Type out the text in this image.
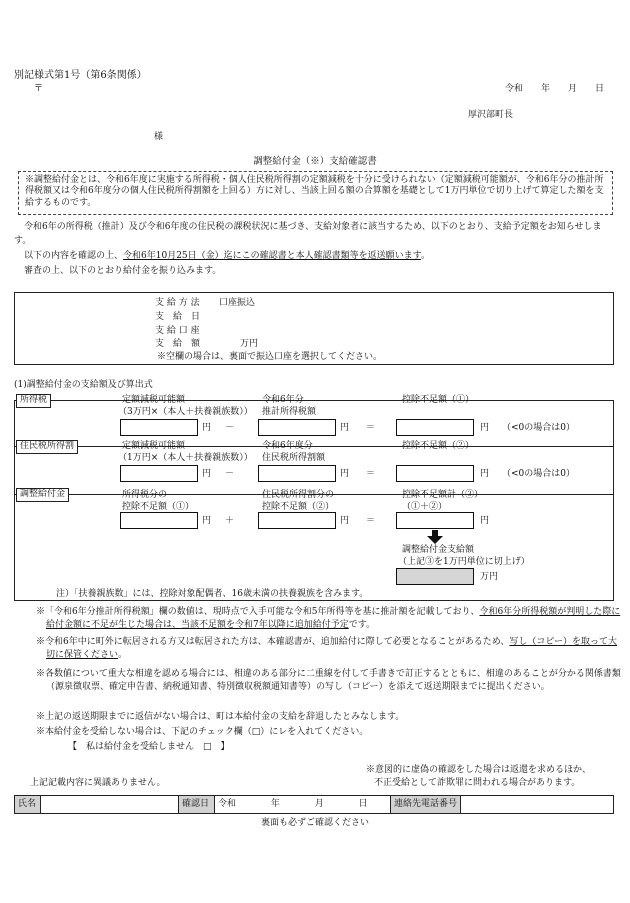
別記様式第1号（第6条関係）
〒	令和　　年　　月　　日
厚沢部町長
様
調整給付金（※）支給確認書
※調整給付金とは、令和6年度に実施する所得税・個人住民税所得割の定額減税を十分に受けられない（定額減税可能額が、令和6年分の推計所得税額又は令和6年度分の個人住民税所得割額を上回る）方に対し、当該上回る額の合算額を基礎として1万円単位で切り上げて算定した額を支給するものです。
令和6年の所得税（推計）及び令和6年度の住民税の課税状況に基づき、支給対象者に該当するため、以下のとおり、支給予定額をお知らせします。
以下の内容を確認の上、令和6年10月25日（金）迄にこの確認書と本人確認書類等を返送願います。
審査の上、以下のとおり給付金を振り込みます。
支 給 方 法 口座振込
支　給　日
支 給 口 座
支　給　額	万円
※空欄の場合は、裏面で振込口座を選択してください。
(1)調整給付金の支給額及び算出式
所得税	定額減税可能額
（3万円×（本人＋扶養親族数））
令和6年分
推計所得税額
控除不足額（①）
円 －	円 ＝	円 （<0の場合は0）
住民税所得割	定額減税可能額
（1万円×（本人＋扶養親族数））
令和6年度分
住民税所得割額
控除不足額（②）
円 －	円 ＝	円 （<0の場合は0）
調整給付金	所得税分の
控除不足額（①）
住民税所得割分の
控除不足額（②）
控除不足額計（③）
（①＋②）
円 ＋	円 ＝	円
調整給付金支給額
（上記③を1万円単位に切上げ）
万円
注）「扶養親族数」には、控除対象配偶者、16歳未満の扶養親族を含みます。
※「令和6年分推計所得税額」欄の数値は、現時点で入手可能な令和5年所得等を基に推計額を記載しており、令和6年分所得税額が判明した際に給付金額に不足が生じた場合は、当該不足額を令和7年以降に追加給付予定です。
※令和6年中に町外に転居される方又は転居された方は、本確認書が、追加給付に際して必要となることがあるため、写し（コピー）を取って大切に保管ください。
※各数値について重大な相違を認める場合には、相違のある部分に二重線を付して手書きで訂正するとともに、相違のあることが分かる関係書類（源泉徴収票、確定申告書、納税通知書、特別徴収税額通知書等）の写し（コピー）を添えて返送期限までに提出ください。
※上記の返送期限までに返信がない場合は、町は本給付金の支給を辞退したとみなします。
※本給付金を受給しない場合は、下記のチェック欄（□）にレを入れてください。
【　私は給付金を受給しません　□　】
※意図的に虚偽の確認をした場合は返還を求めるほか、
不正受給として詐欺罪に問われる場合があります。
上記記載内容に異議ありません。
氏名		確認日	令和	年	月	日	連絡先電話番号	
裏面も必ずご確認ください
